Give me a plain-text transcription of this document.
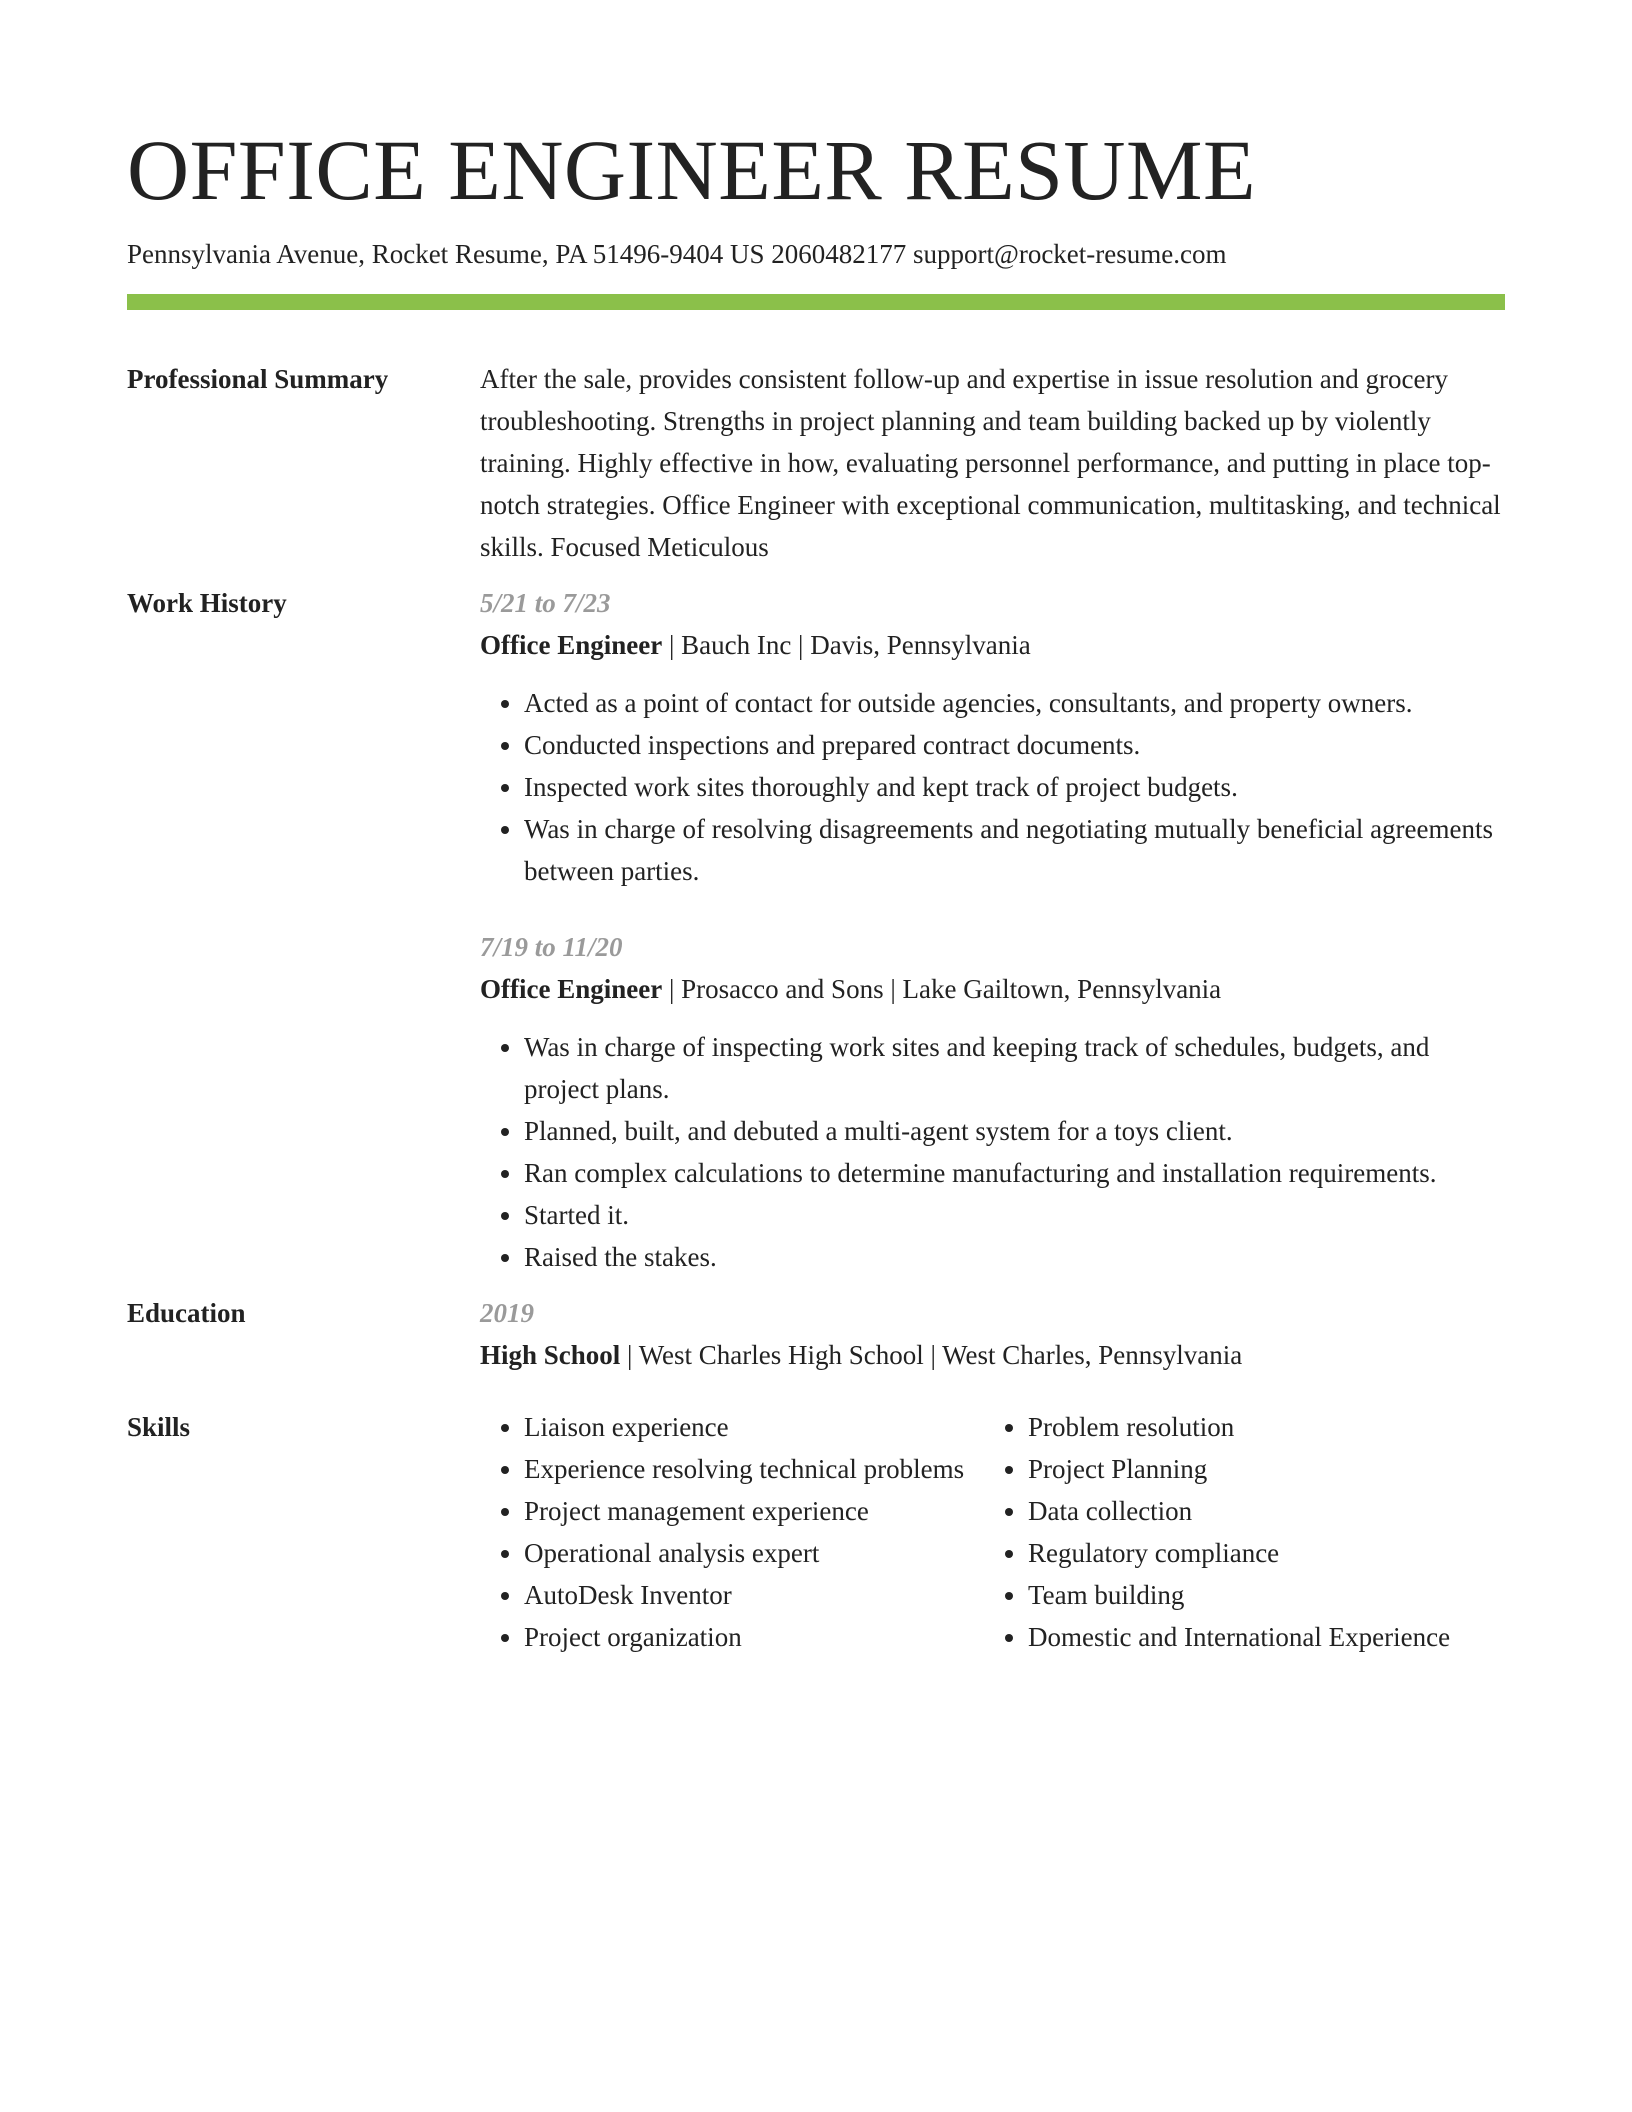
OFFICE ENGINEER RESUME
Pennsylvania Avenue, Rocket Resume, PA 51496-9404 US 2060482177 support@rocket-resume.com
Professional Summary	After the sale, provides consistent follow-up and expertise in issue resolution and grocery troubleshooting. Strengths in project planning and team building backed up by violently training. Highly effective in how, evaluating personnel performance, and putting in place top-notch strategies. Office Engineer with exceptional communication, multitasking, and technical skills. Focused Meticulous

Work History	5/21 to 7/23
Office Engineer | Bauch Inc | Davis, Pennsylvania
• Acted as a point of contact for outside agencies, consultants, and property owners.
• Conducted inspections and prepared contract documents.
• Inspected work sites thoroughly and kept track of project budgets.
• Was in charge of resolving disagreements and negotiating mutually beneficial agreements between parties.
7/19 to 11/20
Office Engineer | Prosacco and Sons | Lake Gailtown, Pennsylvania
• Was in charge of inspecting work sites and keeping track of schedules, budgets, and project plans.
• Planned, built, and debuted a multi-agent system for a toys client.
• Ran complex calculations to determine manufacturing and installation requirements.
• Started it.
• Raised the stakes.
Education	2019
High School | West Charles High School | West Charles, Pennsylvania
Skills
•	Liaison experience
• Experience resolving technical problems
• Project management experience
• Operational analysis expert
• AutoDesk Inventor
• Project organization
• Problem resolution
• Project Planning
• Data collection
• Regulatory compliance
• Team building
• Domestic and International Experience
